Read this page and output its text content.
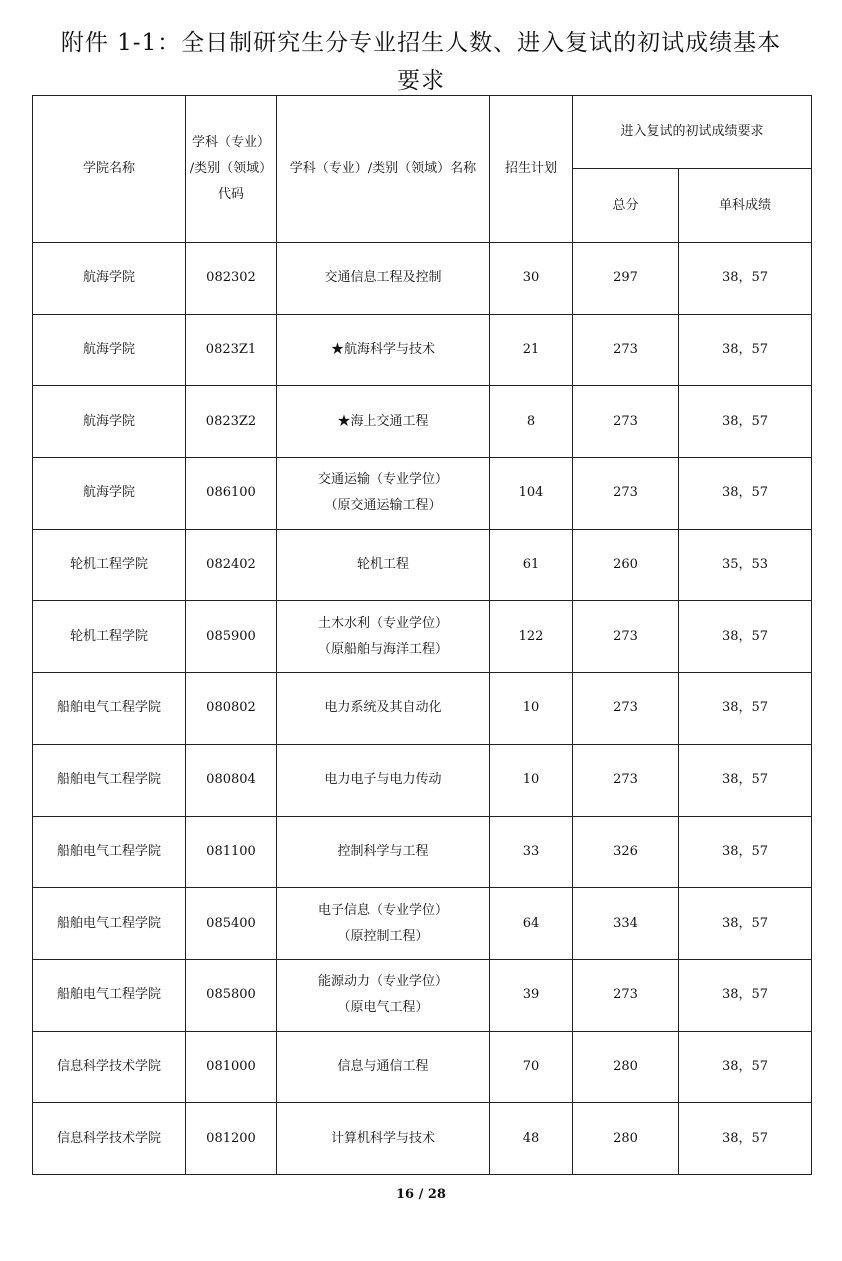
附件 1-1：全日制研究生分专业招生人数、进入复试的初试成绩基本
要求
学院名称	学科（专业）
/类别（领域）
代码	学科（专业）/类别（领域）名称	招生计划	进入复试的初试成绩要求	
				总分	单科成绩
航海学院	082302	交通信息工程及控制	30	297	38，57
航海学院	0823Z1	★航海科学与技术	21	273	38，57
航海学院	0823Z2	★海上交通工程	8	273	38，57
航海学院	086100	交通运输（专业学位）
（原交通运输工程）	104	273	38，57
轮机工程学院	082402	轮机工程	61	260	35，53
轮机工程学院	085900	土木水利（专业学位）
（原船舶与海洋工程）	122	273	38，57
船舶电气工程学院	080802	电力系统及其自动化	10	273	38，57
船舶电气工程学院	080804	电力电子与电力传动	10	273	38，57
船舶电气工程学院	081100	控制科学与工程	33	326	38，57
船舶电气工程学院	085400	电子信息（专业学位）
（原控制工程）	64	334	38，57
船舶电气工程学院	085800	能源动力（专业学位）
（原电气工程）	39	273	38，57
信息科学技术学院	081000	信息与通信工程	70	280	38，57
信息科学技术学院	081200	计算机科学与技术	48	280	38，57
16 / 28
